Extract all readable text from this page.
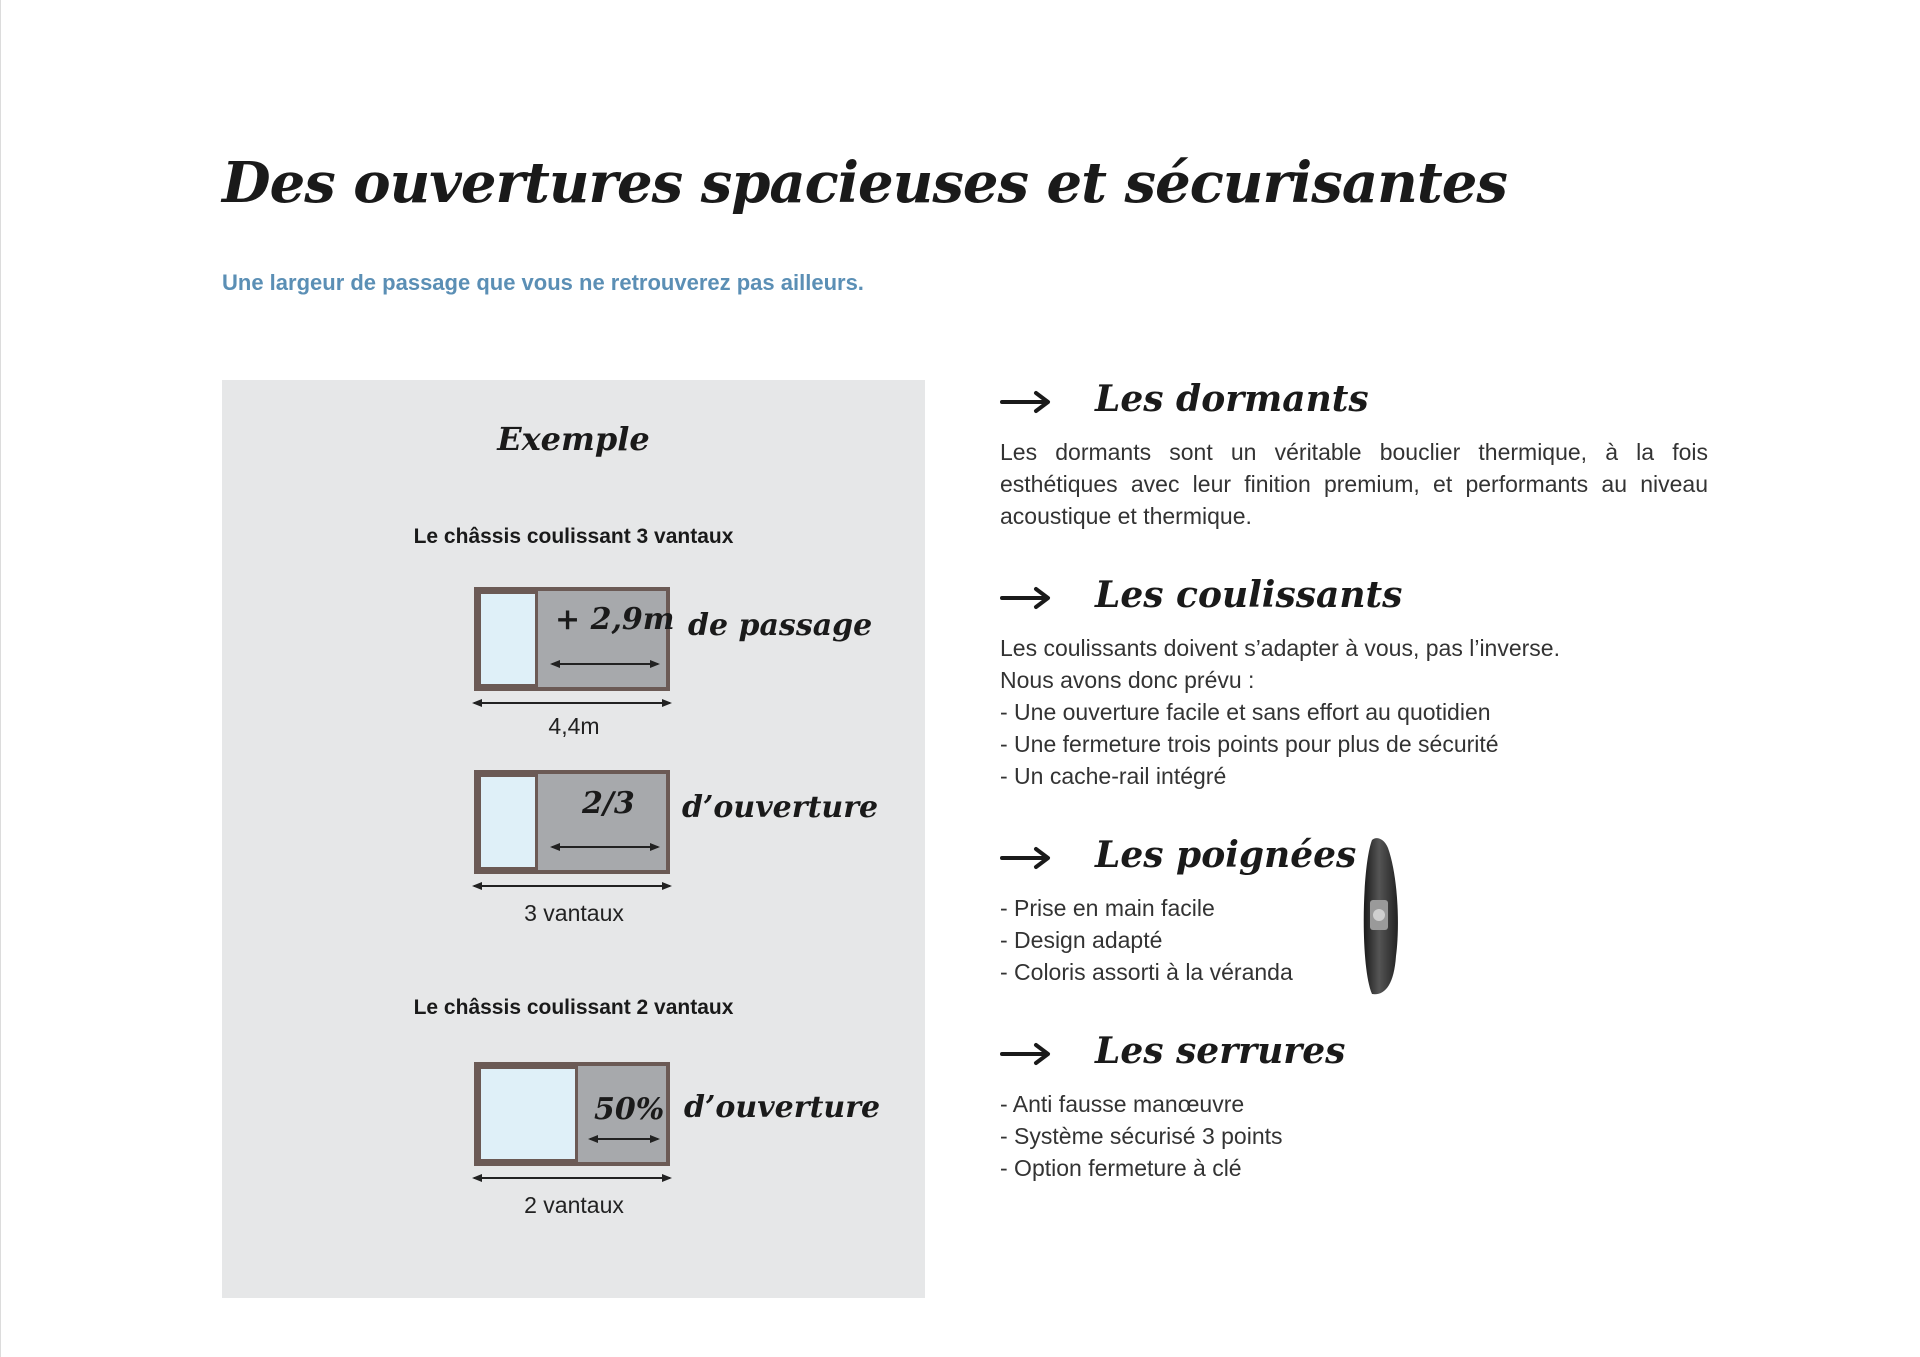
Des ouvertures spacieuses et sécurisantes

Une largeur de passage que vous ne retrouverez pas ailleurs.

Exemple
Le châssis coulissant 3 vantaux
+ 2,9m de passage
4,4m
2/3 d’ouverture
3 vantaux
Le châssis coulissant 2 vantaux
50% d’ouverture
2 vantaux
Les dormants

Les dormants sont un véritable bouclier thermique, à la fois esthétiques avec leur finition premium, et performants au niveau acoustique et thermique.

Les coulissants

Les coulissants doivent s’adapter à vous, pas l’inverse.

Nous avons donc prévu :

- Une ouverture facile et sans effort au quotidien

- Une fermeture trois points pour plus de sécurité

- Un cache-rail intégré

Les poignées

- Prise en main facile

- Design adapté

- Coloris assorti à la véranda

Les serrures

- Anti fausse manœuvre

- Système sécurisé 3 points

- Option fermeture à clé
